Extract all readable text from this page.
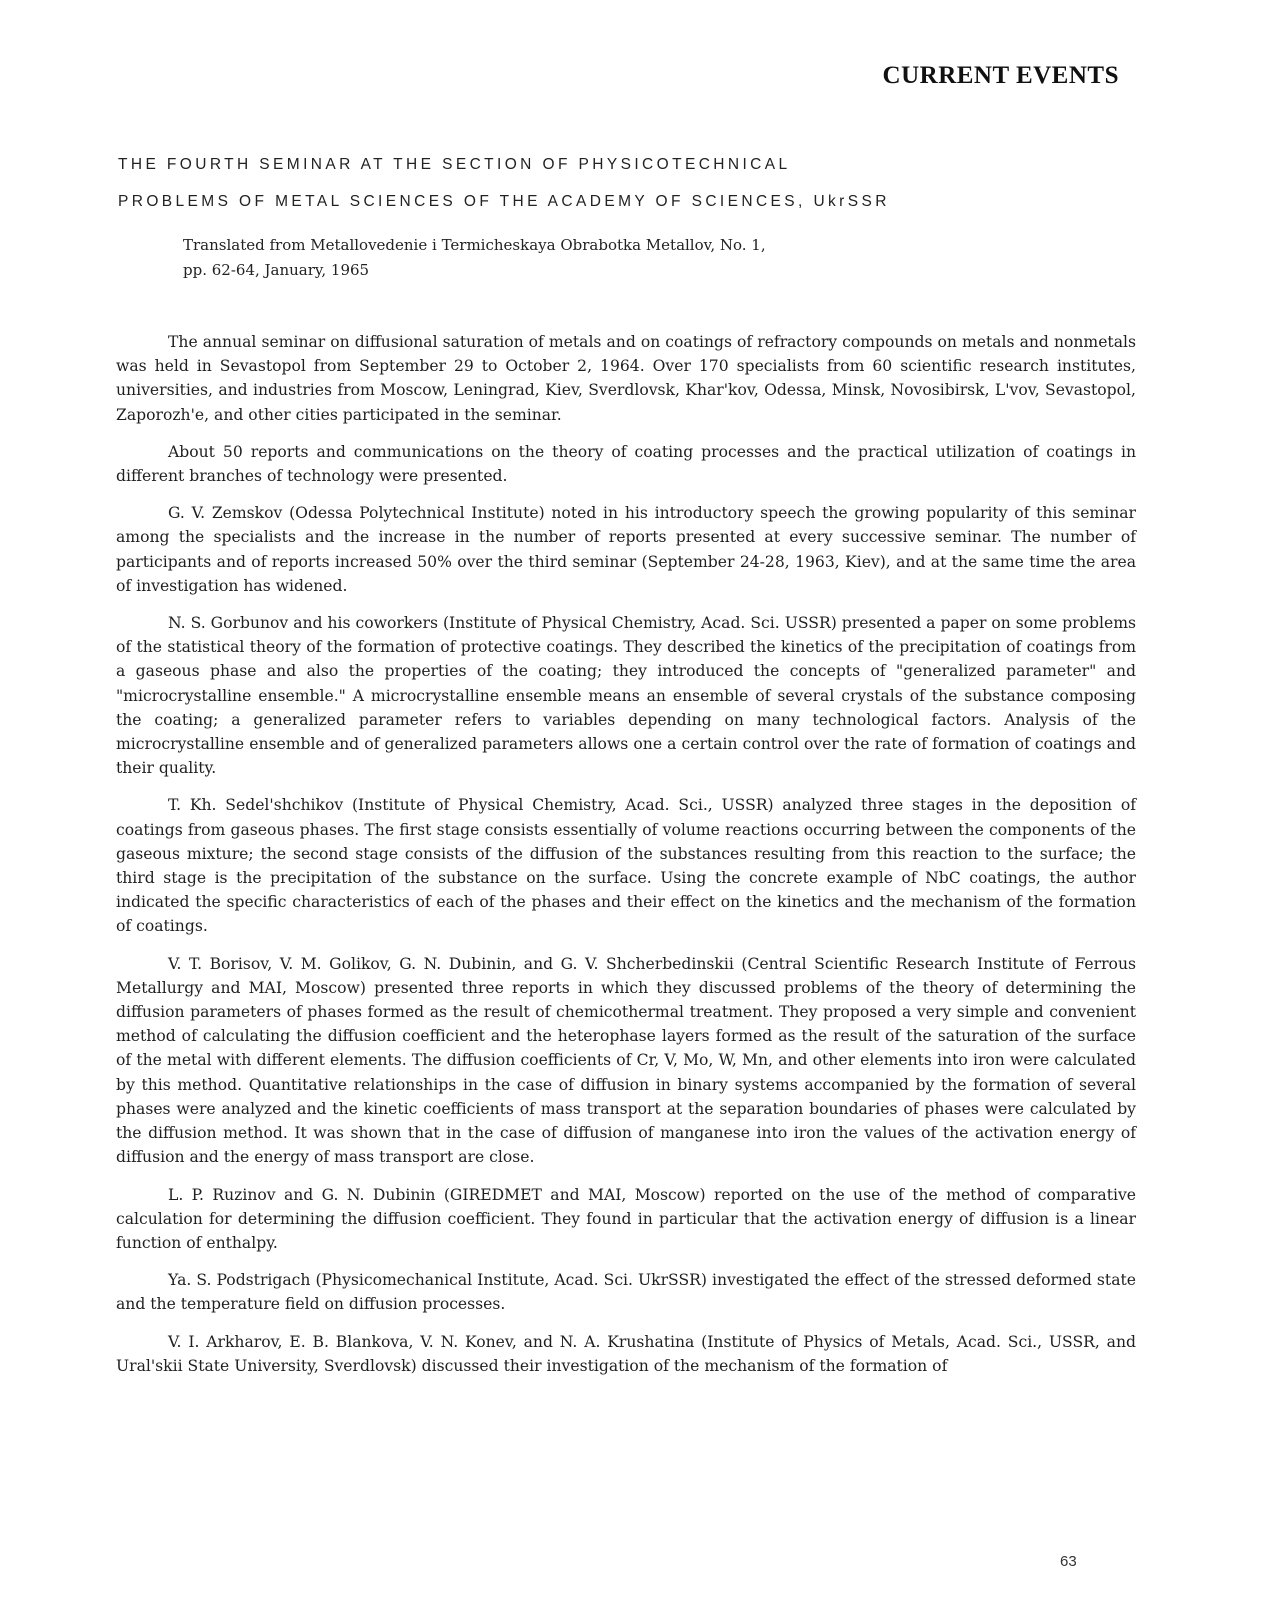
CURRENT EVENTS
THE FOURTH SEMINAR AT THE SECTION OF PHYSICOTECHNICAL
PROBLEMS OF METAL SCIENCES OF THE ACADEMY OF SCIENCES, UkrSSR
Translated from Metallovedenie i Termicheskaya Obrabotka Metallov, No. 1,
pp. 62-64, January, 1965

The annual seminar on diffusional saturation of metals and on coatings of refractory compounds on metals and nonmetals was held in Sevastopol from September 29 to October 2, 1964. Over 170 specialists from 60 scientific research institutes, universities, and industries from Moscow, Leningrad, Kiev, Sverdlovsk, Khar'kov, Odessa, Minsk, Novosibirsk, L'vov, Sevastopol, Zaporozh'e, and other cities participated in the seminar.

About 50 reports and communications on the theory of coating processes and the practical utilization of coatings in different branches of technology were presented.

G. V. Zemskov (Odessa Polytechnical Institute) noted in his introductory speech the growing popularity of this seminar among the specialists and the increase in the number of reports presented at every successive seminar. The number of participants and of reports increased 50% over the third seminar (September 24-28, 1963, Kiev), and at the same time the area of investigation has widened.

N. S. Gorbunov and his coworkers (Institute of Physical Chemistry, Acad. Sci. USSR) presented a paper on some problems of the statistical theory of the formation of protective coatings. They described the kinetics of the precipitation of coatings from a gaseous phase and also the properties of the coating; they introduced the concepts of "generalized parameter" and "microcrystalline ensemble." A microcrystalline ensemble means an ensemble of several crystals of the substance composing the coating; a generalized parameter refers to variables depending on many technological factors. Analysis of the microcrystalline ensemble and of generalized parameters allows one a certain control over the rate of formation of coatings and their quality.

T. Kh. Sedel'shchikov (Institute of Physical Chemistry, Acad. Sci., USSR) analyzed three stages in the deposition of coatings from gaseous phases. The first stage consists essentially of volume reactions occurring between the components of the gaseous mixture; the second stage consists of the diffusion of the substances resulting from this reaction to the surface; the third stage is the precipitation of the substance on the surface. Using the concrete example of NbC coatings, the author indicated the specific characteristics of each of the phases and their effect on the kinetics and the mechanism of the formation of coatings.

V. T. Borisov, V. M. Golikov, G. N. Dubinin, and G. V. Shcherbedinskii (Central Scientific Research Institute of Ferrous Metallurgy and MAI, Moscow) presented three reports in which they discussed problems of the theory of determining the diffusion parameters of phases formed as the result of chemicothermal treatment. They proposed a very simple and convenient method of calculating the diffusion coefficient and the heterophase layers formed as the result of the saturation of the surface of the metal with different elements. The diffusion coefficients of Cr, V, Mo, W, Mn, and other elements into iron were calculated by this method. Quantitative relationships in the case of diffusion in binary systems accompanied by the formation of several phases were analyzed and the kinetic coefficients of mass transport at the separation boundaries of phases were calculated by the diffusion method. It was shown that in the case of diffusion of manganese into iron the values of the activation energy of diffusion and the energy of mass transport are close.

L. P. Ruzinov and G. N. Dubinin (GIREDMET and MAI, Moscow) reported on the use of the method of comparative calculation for determining the diffusion coefficient. They found in particular that the activation energy of diffusion is a linear function of enthalpy.

Ya. S. Podstrigach (Physicomechanical Institute, Acad. Sci. UkrSSR) investigated the effect of the stressed deformed state and the temperature field on diffusion processes.

V. I. Arkharov, E. B. Blankova, V. N. Konev, and N. A. Krushatina (Institute of Physics of Metals, Acad. Sci., USSR, and Ural'skii State University, Sverdlovsk) discussed their investigation of the mechanism of the formation of

63
